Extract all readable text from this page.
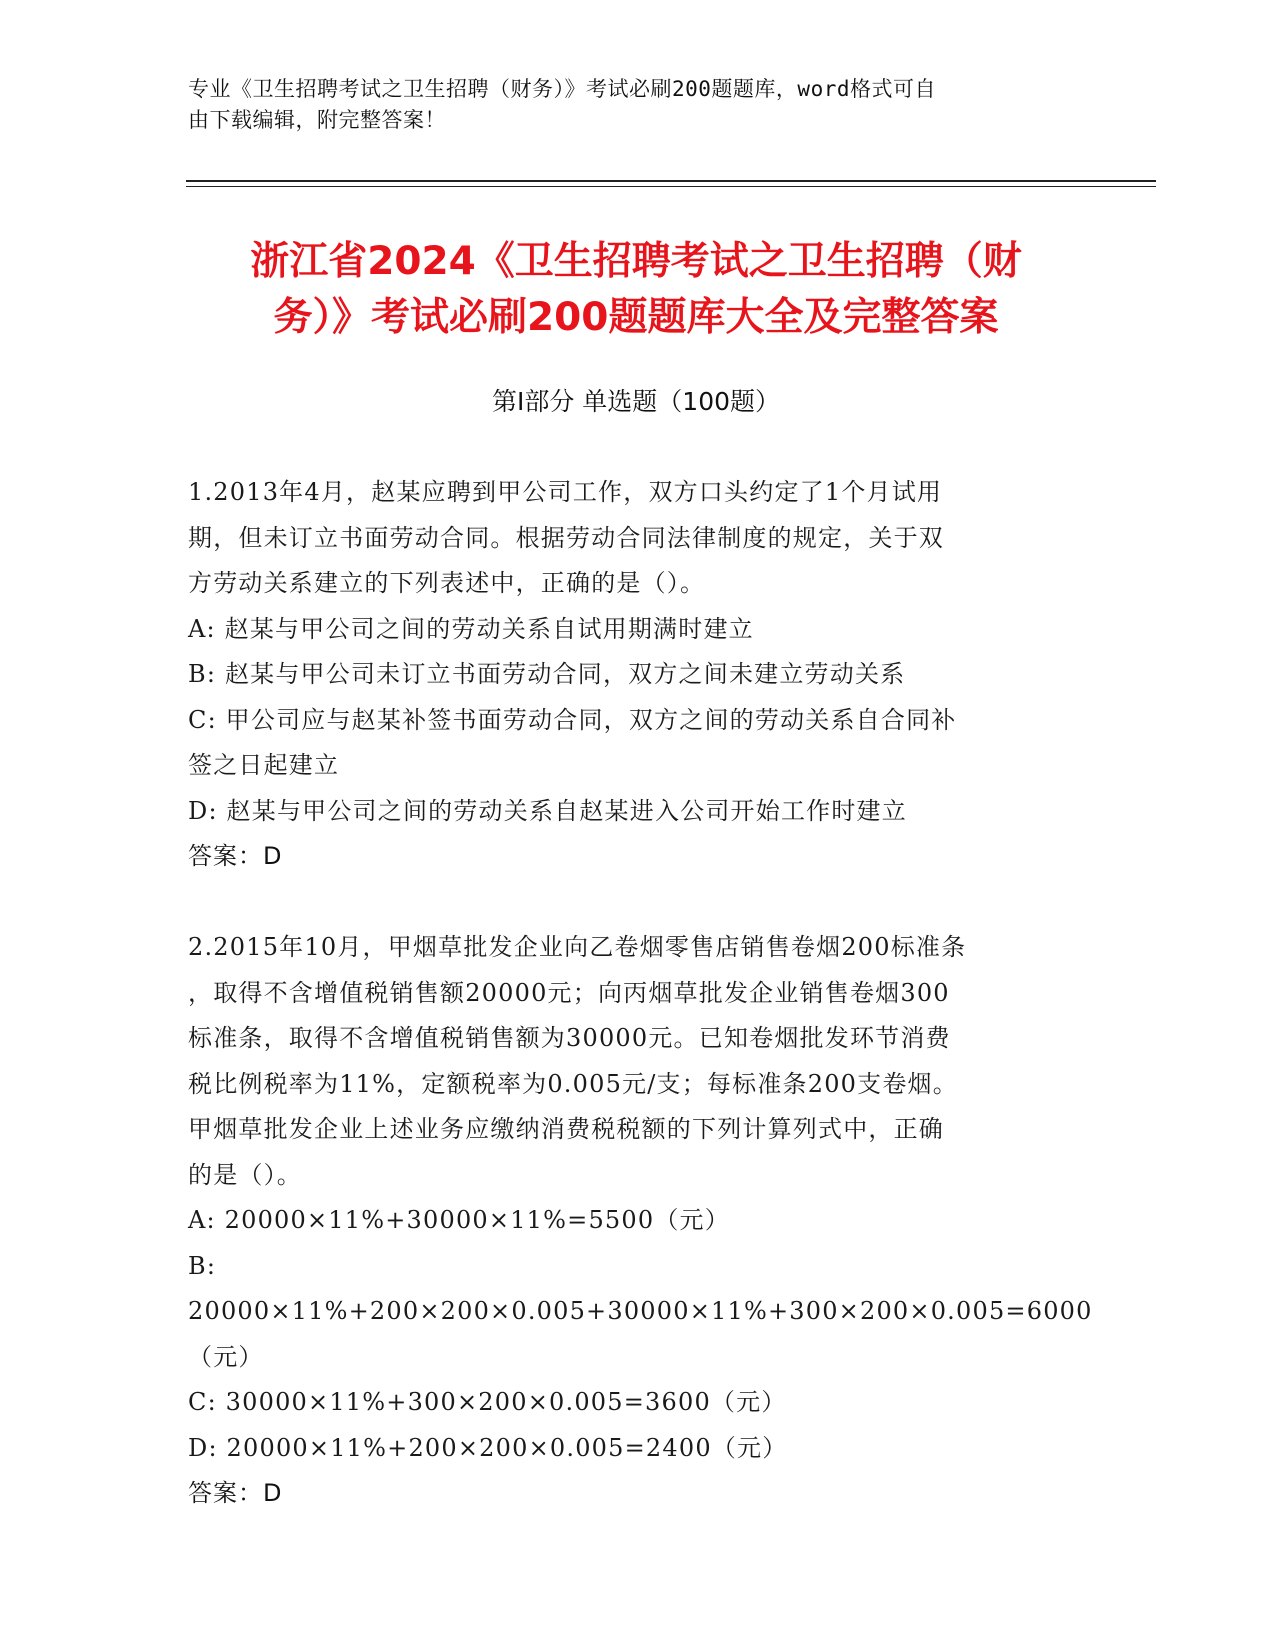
专业《卫生招聘考试之卫生招聘（财务）》考试必刷200题题库，word格式可自
由下载编辑，附完整答案！
浙江省2024《卫生招聘考试之卫生招聘（财
务）》考试必刷200题题库大全及完整答案
第Ⅰ部分 单选题（100题）

1.2013年4月，赵某应聘到甲公司工作，双方口头约定了1个月试用

期，但未订立书面劳动合同。根据劳动合同法律制度的规定，关于双

方劳动关系建立的下列表述中，正确的是（）。

A: 赵某与甲公司之间的劳动关系自试用期满时建立

B: 赵某与甲公司未订立书面劳动合同，双方之间未建立劳动关系

C: 甲公司应与赵某补签书面劳动合同，双方之间的劳动关系自合同补

签之日起建立

D: 赵某与甲公司之间的劳动关系自赵某进入公司开始工作时建立

答案：D

2.2015年10月，甲烟草批发企业向乙卷烟零售店销售卷烟200标准条

，取得不含增值税销售额20000元；向丙烟草批发企业销售卷烟300

标准条，取得不含增值税销售额为30000元。已知卷烟批发环节消费

税比例税率为11%，定额税率为0.005元/支；每标准条200支卷烟。

甲烟草批发企业上述业务应缴纳消费税税额的下列计算列式中，正确

的是（）。

A: 20000×11%+30000×11%=5500（元）

B: 20000×11%+200×200×0.005+30000×11%+300×200×0.005=6000

（元）

C: 30000×11%+300×200×0.005=3600（元）

D: 20000×11%+200×200×0.005=2400（元）

答案：D
